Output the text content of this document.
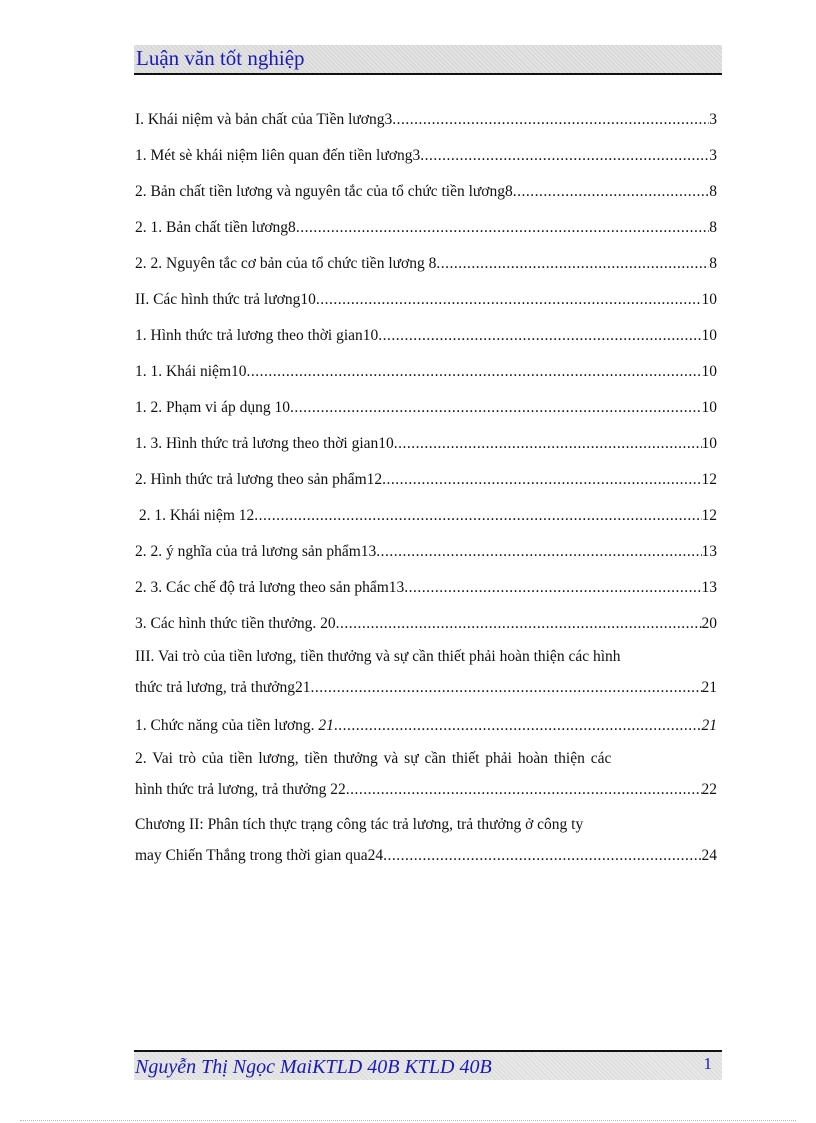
Luận văn tốt nghiệp
I. Khái niệm và bản chất của Tiền lương3 .....	3
1. Mét sè khái niệm liên quan đến tiền lương3 .....	3
2. Bản chất tiền lương và nguyên tắc của tổ chức tiền lương8 .....	8
2. 1. Bản chất tiền lương8 .....	8
2. 2. Nguyên tắc cơ bản của tổ chức tiền lương 8 .....	8
II. Các hình thức trả lương10 .....	10
1. Hình thức trả lương theo thời gian10 .....	10
1. 1. Khái niệm10 .....	10
1. 2. Phạm vi áp dụng 10 .....	10
1. 3. Hình thức trả lương theo thời gian10 .....	10
2. Hình thức trả lương theo sản phẩm12 .....	12
2. 1. Khái niệm 12 .....	12
2. 2. ý nghĩa của trả lương sản phẩm13 .....	13
2. 3. Các chế độ trả lương theo sản phẩm13 .....	13
3. Các hình thức tiền thưởng. 20 .....	20
III. Vai trò của tiền lương, tiền thưởng và sự cần thiết phải hoàn thiện các hình
thức trả lương, trả thưởng21 .....	21
1. Chức năng của tiền lương. 21 .....	21
2. Vai trò của tiền lương, tiền thưởng và sự cần thiết phải hoàn thiện các
hình thức trả lương, trả thưởng 22 .....	22
Chương II: Phân tích thực trạng công tác trả lương, trả thưởng ở công ty
may Chiến Thắng trong thời gian qua24 .....	24
Nguyễn Thị Ngọc MaiKTLD 40B KTLD 40B	1
